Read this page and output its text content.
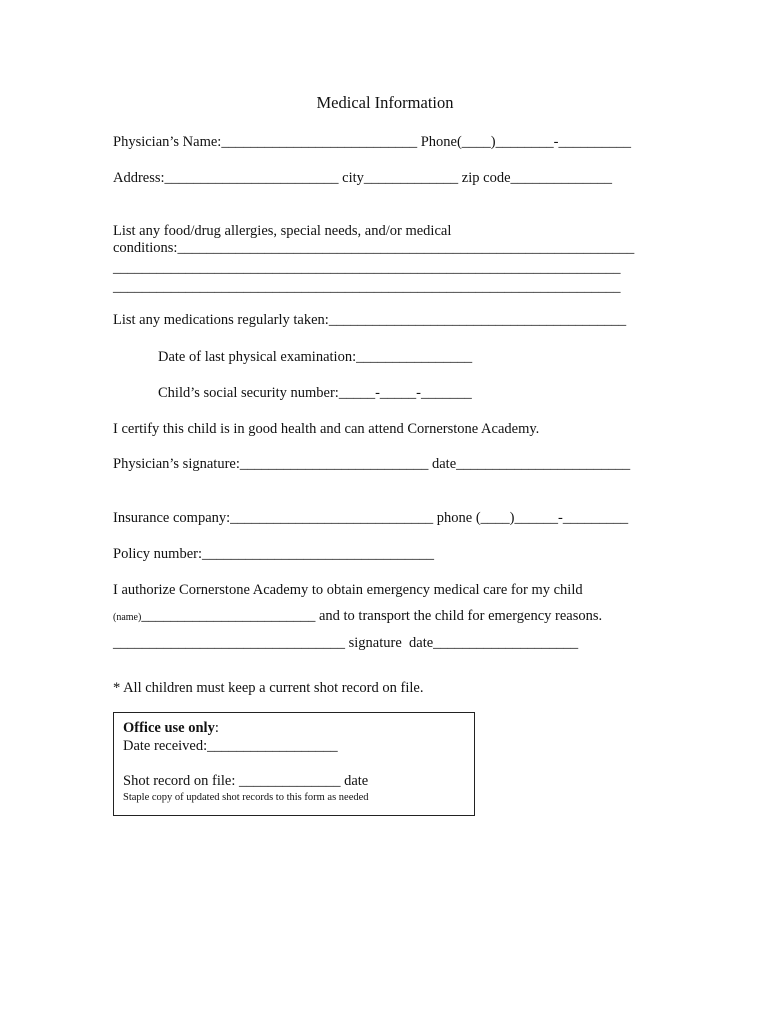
Medical Information
Physician’s Name:___________________________ Phone(____)________-__________
Address:________________________ city_____________ zip code______________
List any food/drug allergies, special needs, and/or medical
conditions:_______________________________________________________________
______________________________________________________________________
______________________________________________________________________
List any medications regularly taken:_________________________________________
Date of last physical examination:________________
Child’s social security number:_____-_____-_______
I certify this child is in good health and can attend Cornerstone Academy.
Physician’s signature:__________________________ date________________________
Insurance company:____________________________ phone (____)______-_________
Policy number:________________________________
I authorize Cornerstone Academy to obtain emergency medical care for my child
(name)________________________ and to transport the child for emergency reasons.
________________________________ signature  date____________________
* All children must keep a current shot record on file.
Office use only:
Date received:__________________
Shot record on file: ______________ date
Staple copy of updated shot records to this form as needed
